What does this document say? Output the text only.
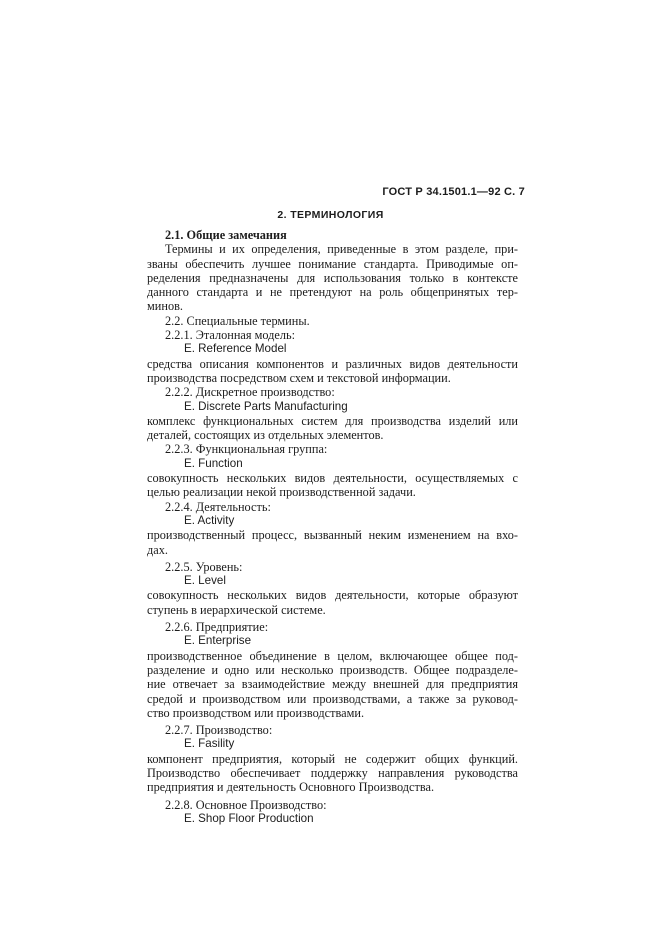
ГОСТ Р 34.1501.1—92 С. 7
2. ТЕРМИНОЛОГИЯ
2.1. Общие замечания
Термины и их определения, приведенные в этом разделе, при-
званы обеспечить лучшее понимание стандарта. Приводимые оп-
ределения предназначены для использования только в контексте
данного стандарта и не претендуют на роль общепринятых тер-
минов.
2.2. Специальные термины.
2.2.1. Эталонная модель:
E. Reference Model
средства описания компонентов и различных видов деятельности
производства посредством схем и текстовой информации.
2.2.2. Дискретное производство:
E. Discrete Parts Manufacturing
комплекс функциональных систем для производства изделий или
деталей, состоящих из отдельных элементов.
2.2.3. Функциональная группа:
E. Function
совокупность нескольких видов деятельности, осуществляемых с
целью реализации некой производственной задачи.
2.2.4. Деятельность:
E. Activity
производственный процесс, вызванный неким изменением на вхо-
дах.
2.2.5. Уровень:
E. Level
совокупность нескольких видов деятельности, которые образуют
ступень в иерархической системе.
2.2.6. Предприятие:
E. Enterprise
производственное объединение в целом, включающее общее под-
разделение и одно или несколько производств. Общее подразделе-
ние отвечает за взаимодействие между внешней для предприятия
средой и производством или производствами, а также за руковод-
ство производством или производствами.
2.2.7. Производство:
E. Fasility
компонент предприятия, который не содержит общих функций.
Производство обеспечивает поддержку направления руководства
предприятия и деятельность Основного Производства.
2.2.8. Основное Производство:
E. Shop Floor Production
